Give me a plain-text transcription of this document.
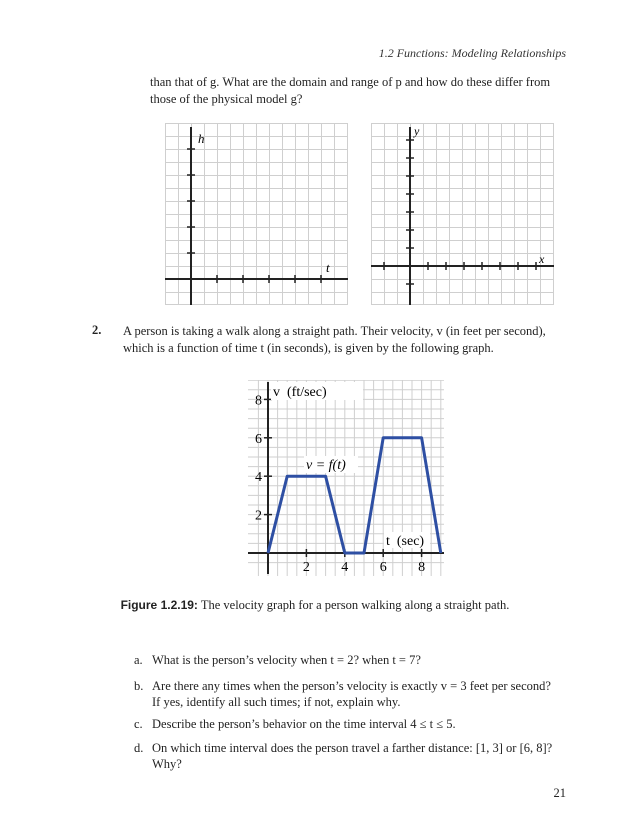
1.2 Functions: Modeling Relationships
than that of g. What are the domain and range of p and how do these differ from
those of the physical model g?
h
t
y
x
2. A person is taking a walk along a straight path. Their velocity, v (in feet per second),
which is a function of time t (in seconds), is given by the following graph.
2 4 6 8
2
4
6
8
v  (ft/sec)
v = f(t)
t  (sec)
Figure 1.2.19: The velocity graph for a person walking along a straight path.
a. What is the person’s velocity when t = 2? when t = 7?
b. Are there any times when the person’s velocity is exactly v = 3 feet per second?
If yes, identify all such times; if not, explain why.
c. Describe the person’s behavior on the time interval 4 ≤ t ≤ 5.
d. On which time interval does the person travel a farther distance: [1, 3] or [6, 8]?
Why?
21
